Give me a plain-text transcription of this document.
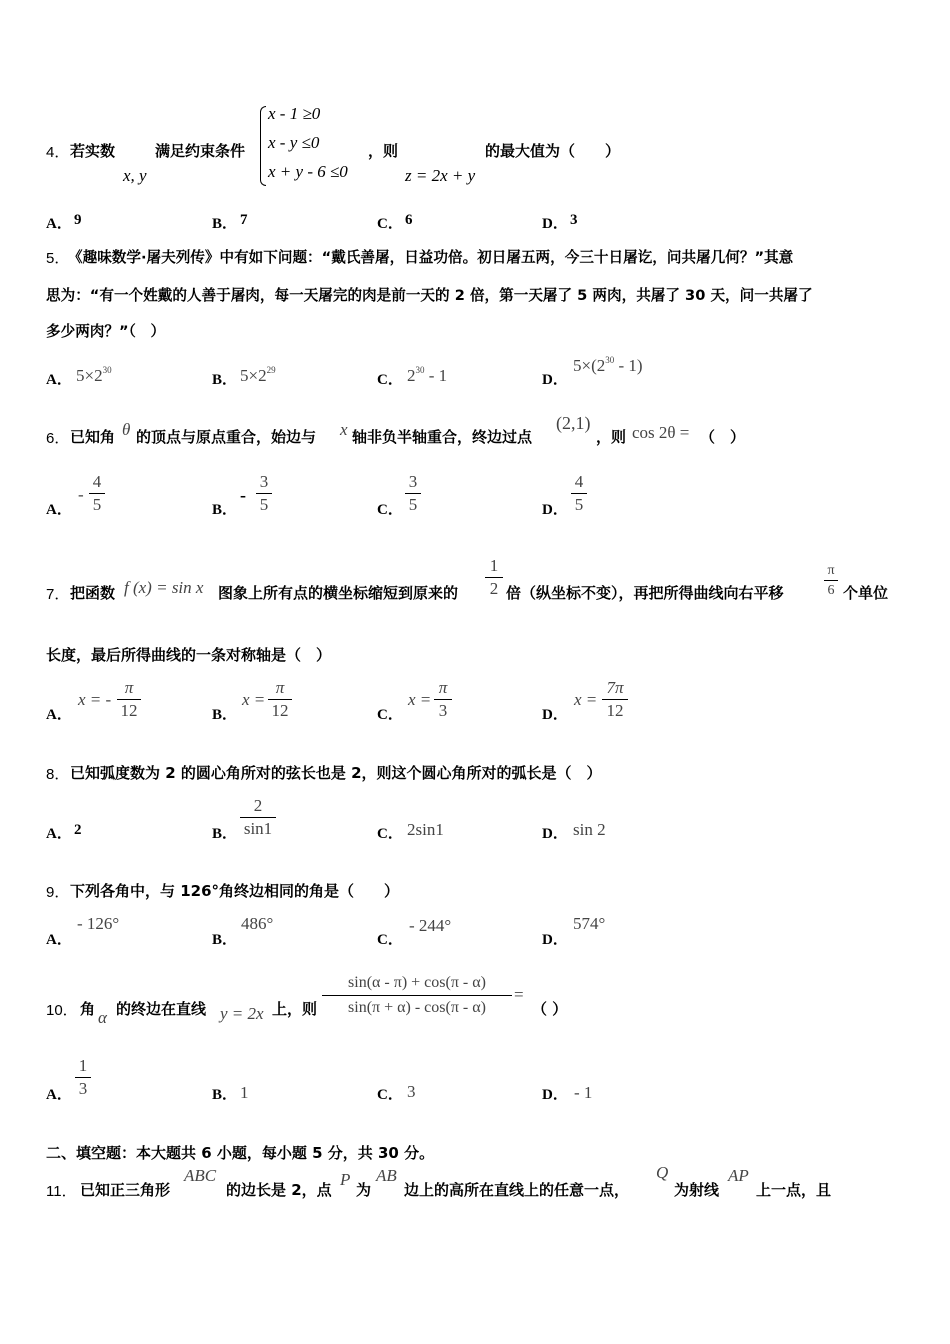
4． 若实数
x, y
满足约束条件
x - 1 ≥0
x - y ≤0
x + y - 6 ≤0
，则
z = 2x + y
的最大值为（　　）
A． 9	B． 7	C． 6	D． 3
5．
《趣味数学·屠夫列传》中有如下问题：“戴氏善屠，日益功倍。初日屠五两，今三十日屠讫，问共屠几何？”其意
思为：“有一个姓戴的人善于屠肉，每一天屠完的肉是前一天的 2 倍，第一天屠了 5 两肉，共屠了 30 天，问一共屠了
多少两肉？”（　）
A． $5\times 2^{30}$
B． $5\times 2^{29}$
C． $2^{30} - 1$	D．
$5\times(2^{30} - 1)$
6． 已知角 θ 的顶点与原点重合，始边与 x 轴非负半轴重合，终边过点
(2,1)
，则 cos 2θ = （　）
A．
-
4
5	B．
-
3
5	C．
3
5	D．
4
5
7． 把函数 f (x) = sin x 图象上所有点的横坐标缩短到原来的
1
2 倍（纵坐标不变），再把所得曲线向右平移
π
6 个单位
长度，最后所得曲线的一条对称轴是（　）
A．
x = -
π
12	B．
x =
π
12	C．
x =
π
3	D．
x =
7π
12
8． 已知弧度数为 2 的圆心角所对的弦长也是 2，则这个圆心角所对的弧长是（　）
A． 2	B．
2
sin1	C． 2sin1	D． sin 2
9． 下列各角中，与 126°角终边相同的角是（　　）
A．
- 126°
B．
486°
C．
- 244°
D．
574°
10． 角 α 的终边在直线 y = 2x 上，则
sin(α - π) + cos(π - α)
sin(π + α) - cos(π - α)
=
（ ）
A．
1
3	B． 1	C． 3	D． - 1
二、填空题：本大题共 6 小题，每小题 5 分，共 30 分。
11． 已知正三角形
ABC
的边长是 2，点
P
为
AB
边上的高所在直线上的任意一点，
Q
为射线
AP
上一点，且
